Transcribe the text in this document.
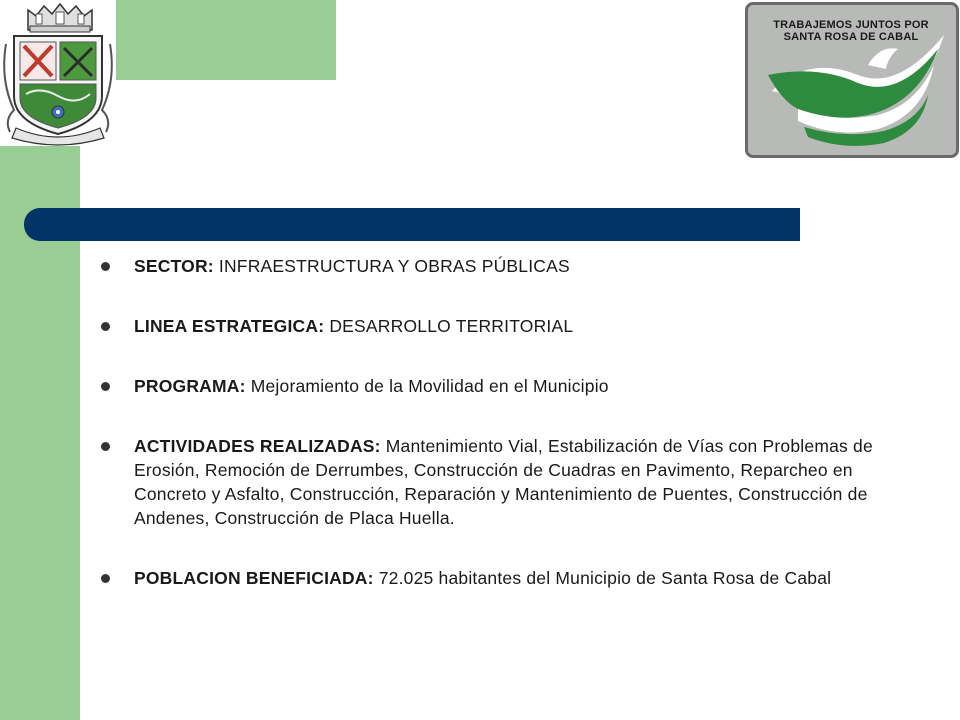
TRABAJEMOS JUNTOS POR SANTA ROSA DE CABAL
SECTOR: INFRAESTRUCTURA Y OBRAS PÚBLICAS
LINEA ESTRATEGICA: DESARROLLO TERRITORIAL
PROGRAMA: Mejoramiento de la Movilidad en el Municipio
ACTIVIDADES REALIZADAS: Mantenimiento Vial, Estabilización de Vías con Problemas de Erosión, Remoción de Derrumbes, Construcción de Cuadras en Pavimento, Reparcheo en Concreto y Asfalto, Construcción, Reparación y Mantenimiento de Puentes, Construcción de Andenes, Construcción de Placa Huella.
POBLACION BENEFICIADA: 72.025 habitantes del Municipio de Santa Rosa de Cabal
